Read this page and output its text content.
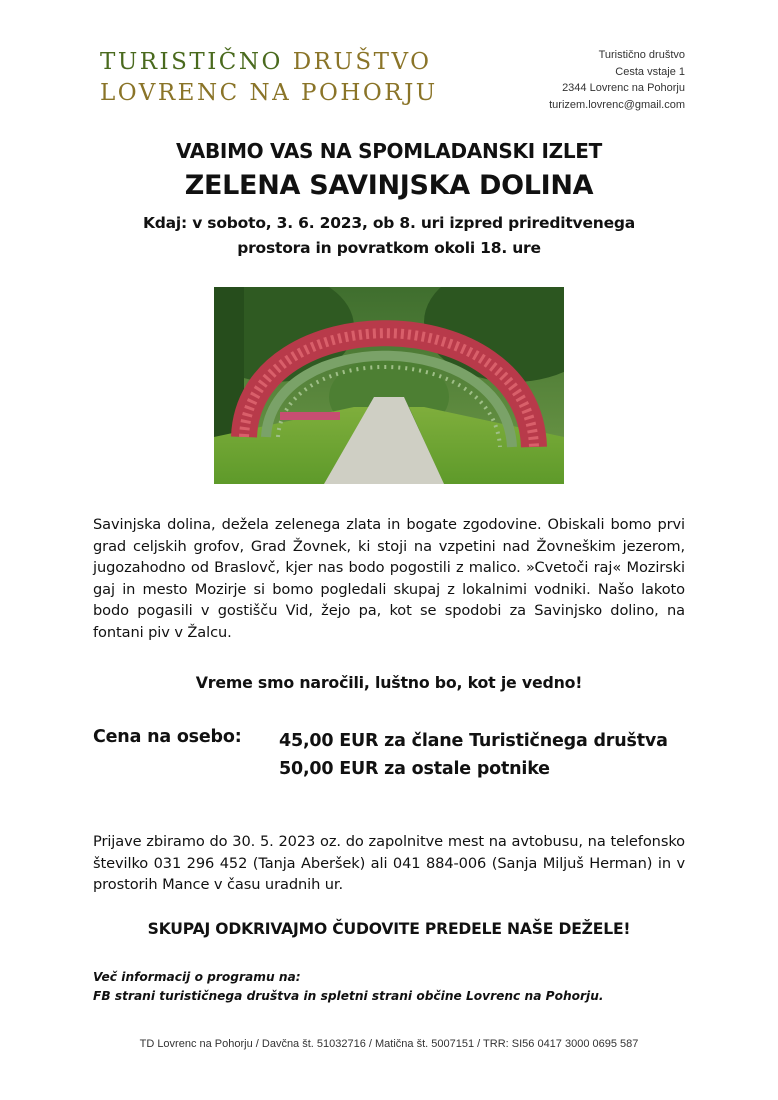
TURISTIČNO DRUŠTVO
LOVRENC NA POHORJU
Turistično društvo
Cesta vstaje 1
2344 Lovrenc na Pohorju
turizem.lovrenc@gmail.com
VABIMO VAS NA SPOMLADANSKI IZLET
ZELENA SAVINJSKA DOLINA
Kdaj: v soboto, 3. 6. 2023, ob 8. uri izpred prireditvenega
prostora in povratkom okoli 18. ure
Savinjska dolina, dežela zelenega zlata in bogate zgodovine. Obiskali bomo prvi grad celjskih grofov, Grad Žovnek, ki stoji na vzpetini nad Žovneškim jezerom, jugozahodno od Braslovč, kjer nas bodo pogostili z malico. »Cvetoči raj« Mozirski gaj in mesto Mozirje si bomo pogledali skupaj z lokalnimi vodniki. Našo lakoto bodo pogasili v gostišču Vid, žejo pa, kot se spodobi za Savinjsko dolino, na fontani piv v Žalcu.
Vreme smo naročili, luštno bo, kot je vedno!
Cena na osebo: 45,00 EUR za člane Turističnega društva
50,00 EUR za ostale potnike
Prijave zbiramo do 30. 5. 2023 oz. do zapolnitve mest na avtobusu, na telefonsko številko 031 296 452 (Tanja Aberšek) ali 041 884-006 (Sanja Miljuš Herman) in v prostorih Mance v času uradnih ur.
SKUPAJ ODKRIVAJMO ČUDOVITE PREDELE NAŠE DEŽELE!
Več informacij o programu na:
FB strani turističnega društva in spletni strani občine Lovrenc na Pohorju.
TD Lovrenc na Pohorju / Davčna št. 51032716 / Matična št. 5007151 / TRR: SI56 0417 3000 0695 587
